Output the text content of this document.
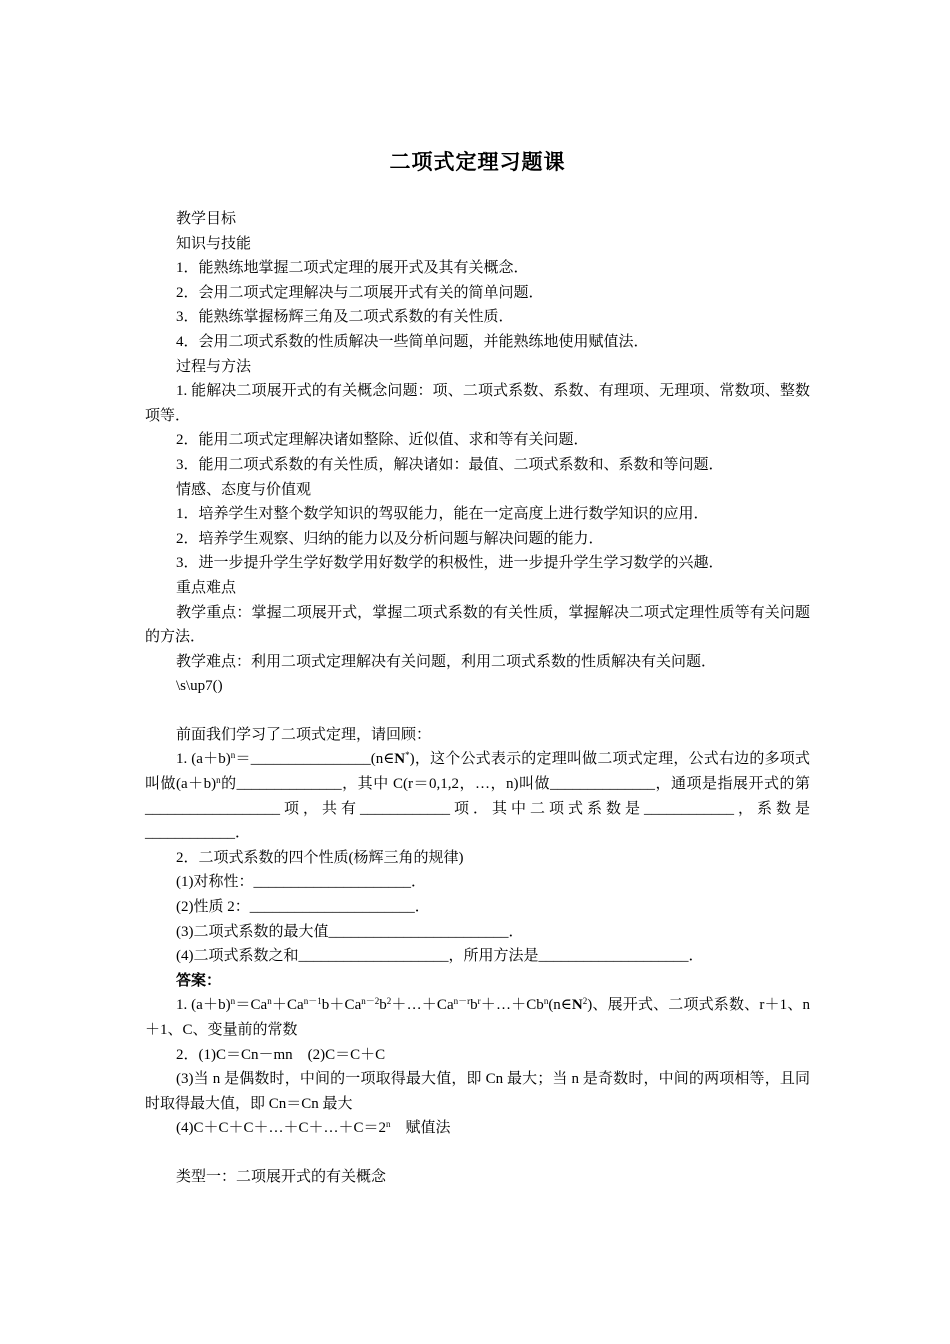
二项式定理习题课

教学目标

知识与技能

1．能熟练地掌握二项式定理的展开式及其有关概念．

2．会用二项式定理解决与二项展开式有关的简单问题．

3．能熟练掌握杨辉三角及二项式系数的有关性质．

4．会用二项式系数的性质解决一些简单问题，并能熟练地使用赋值法．

过程与方法

1. 能解决二项展开式的有关概念问题：项、二项式系数、系数、有理项、无理项、常数项、整数项等．

2．能用二项式定理解决诸如整除、近似值、求和等有关问题．

3．能用二项式系数的有关性质，解决诸如：最值、二项式系数和、系数和等问题．

情感、态度与价值观

1．培养学生对整个数学知识的驾驭能力，能在一定高度上进行数学知识的应用．

2．培养学生观察、归纳的能力以及分析问题与解决问题的能力．

3．进一步提升学生学好数学用好数学的积极性，进一步提升学生学习数学的兴趣．

重点难点

教学重点：掌握二项展开式，掌握二项式系数的有关性质，掌握解决二项式定理性质等有关问题的方法．

教学难点：利用二项式定理解决有关问题，利用二项式系数的性质解决有关问题．

\s\up7()

前面我们学习了二项式定理，请回顾：

1. $(a+b)^n=\_\_\_\_\_\_\_\_\_\_\_\_\_\_\_\_(n\in N^*)$，这个公式表示的定理叫做二项式定理，公式右边的多项式叫做$(a+b)^n$的______________，其中 C(r＝0,1,2，…，n)叫做______________，通项是指展开式的第__________________项，共有____________项．其中二项式系数是____________，系数是____________．

2．二项式系数的四个性质(杨辉三角的规律)

(1)对称性：_____________________．

(2)性质 2：______________________．

(3)二项式系数的最大值________________________．

(4)二项式系数之和____________________，所用方法是____________________．

答案：

1. $(a+b)^n=Ca^n+Ca^{n-1}b+Ca^{n-2}b^2+\dots+Ca^{n-r}b^r+\dots+Cb^n(n\in N^2)$、展开式、二项式系数、r＋1、n＋1、C、变量前的常数

2．(1)C＝Cn－mn　(2)C＝C＋C

(3)当 n 是偶数时，中间的一项取得最大值，即 Cn 最大；当 n 是奇数时，中间的两项相等，且同时取得最大值，即 Cn＝Cn 最大

$(4)C+C+C+\dots+C+\dots+C=2^n$　赋值法

类型一：二项展开式的有关概念
